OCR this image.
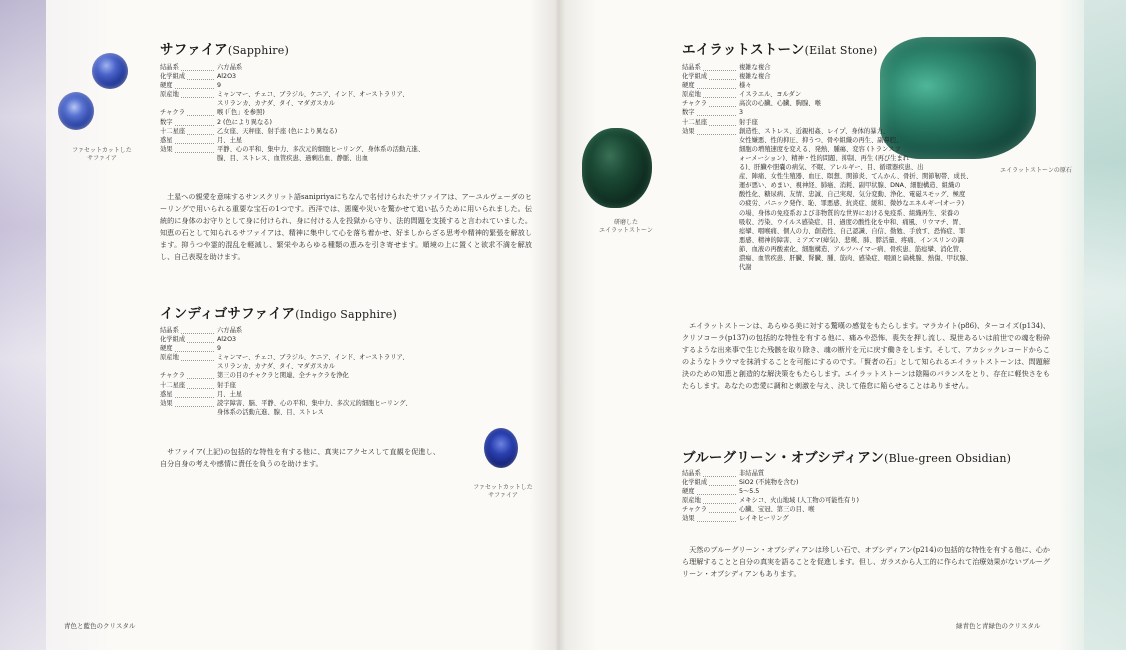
ファセットカットした
サファイア
サファイア(Sapphire)
結晶系	六方晶系
化学組成	Al2O3
硬度	9
原産地	ミャンマー、チェコ、ブラジル、ケニア、インド、オーストラリア、
スリランカ、カナダ、タイ、マダガスカル
チャクラ	喉 (「色」を参照)
数字	2 (色により異なる)
十二星座	乙女座、天秤座、射手座 (色により異なる)
惑星	月、土星
効果	平静、心の平和、集中力、多次元的細胞ヒーリング、身体系の活動亢進、
腺、目、ストレス、血管疾患、過剰出血、静脈、出血

土星への親愛を意味するサンスクリット語sanipriyaにちなんで名付けられたサファイアは、アーユルヴェーダのヒーリングで用いられる重要な宝石の1つです。西洋では、悪魔や災いを驚かせて追い払うために用いられました。伝統的に身体のお守りとして身に付けられ、身に付ける人を投獄から守り、法的問題を支援すると言われていました。知恵の石として知られるサファイアは、精神に集中して心を落ち着かせ、好ましからざる思考や精神的緊張を解放します。抑うつや霊的混乱を軽減し、繁栄やあらゆる種類の恵みを引き寄せます。順境の上に置くと欲求不満を解放し、自己表現を助けます。

インディゴサファイア(Indigo Sapphire)
結晶系	六方晶系
化学組成	Al2O3
硬度	9
原産地	ミャンマー、チェコ、ブラジル、ケニア、インド、オーストラリア、
スリランカ、カナダ、タイ、マダガスカル
チャクラ	第三の目のチャクラと関連、全チャクラを浄化
十二星座	射手座
惑星	月、土星
効果	読字障害、脳、平静、心の平和、集中力、多次元的細胞ヒーリング、
身体系の活動亢進、腺、目、ストレス

サファイア(上記)の包括的な特性を有する他に、真実にアクセスして直観を促進し、自分自身の考えや感情に責任を負うのを助けます。

ファセットカットした
サファイア
青色と藍色のクリスタル
研磨した
エイラットストーン
エイラットストーン(Eilat Stone)
エイラットストーンの原石
結晶系	複雑な複合
化学組成	複雑な複合
硬度	様々
原産地	イスラエル、ヨルダン
チャクラ	高次の心臓、心臓、胸腺、喉
数字	3
十二星座	射手座
効果	創造性、ストレス、近親相姦、レイプ、身体的暴力、
女性嫌悪、性的抑圧、抑うつ、骨や組織の再生、副鼻腔、
細胞の増殖速度を変える、発熱、腫瘍、変容 (トランスフ
ォーメーション)、精神・性的問題、抑制、再生 (再び生まれ
る)、肝臓や胆嚢の病気、不眠、アレルギー、目、循環器疾患、出
産、陣痛、女性生殖器、血圧、瞑想、関節炎、てんかん、骨折、関節靭帯、成長、
運が悪い、めまい、視神経、肺癌、消耗、副甲状腺、DNA、細胞構造、組織の
酸性化、糖尿病、友情、忠誠、自己実現、気分変動、浄化、電磁スモッグ、極度
の疲労、パニック発作、恥、罪悪感、抗炎症、緩和、微妙なエネルギー(オーラ)
の場、身体の免疫系および非物質的な世界における免疫系、組織再生、栄養の
吸収、汚染、ウイルス感染症、目、過度の酸性化を中和、痛風、リウマチ、胃、
痙攣、咽喉痛、個人の力、創造性、自己認識、自信、勤勉、手放す、恐怖症、罪
悪感、精神的障害、ミアズマ(瘴気)、悲嘆、肺、膵活量、疼痛、インスリンの調
節、血液の再酸素化、細胞構造、アルツハイマー病、骨疾患、筋痙攣、消化管、
潰瘍、血管疾患、肝臓、腎臓、腫、筋肉、感染症、咽頭と扁桃腺、熱傷、甲状腺、
代謝

エイラットストーンは、あらゆる美に対する驚嘆の感覚をもたらします。マラカイト(p86)、ターコイズ(p134)、クリソコーラ(p137)の包括的な特性を有する他に、痛みや恐怖、喪失を押し流し、現世あるいは前世での魂を粉砕するような出来事で生じた残骸を取り除き、魂の断片を元に戻す働きをします。そして、アカシックレコードからこのようなトラウマを抹消することを可能にするのです。「賢者の石」として知られるエイラットストーンは、問題解決のための知恵と創造的な解決策をもたらします。エイラットストーンは陰陽のバランスをとり、存在に軽快さをもたらします。あなたの恋愛に調和と刺激を与え、決して倦怠に陥らせることはありません。

ブルーグリーン・オブシディアン(Blue-green Obsidian)
結晶系	非結晶質
化学組成	SiO2 (不純物を含む)
硬度	5〜5.5
原産地	メキシコ、火山地域 (人工物の可能性有り)
チャクラ	心臓、宝冠、第三の目、喉
効果	レイキヒーリング

天然のブルーグリーン・オブシディアンは珍しい石で、オブシディアン(p214)の包括的な特性を有する他に、心から理解することと自分の真実を語ることを促進します。但し、ガラスから人工的に作られて治療効果がないブルーグリーン・オブシディアンもあります。

緑青色と青緑色のクリスタル
